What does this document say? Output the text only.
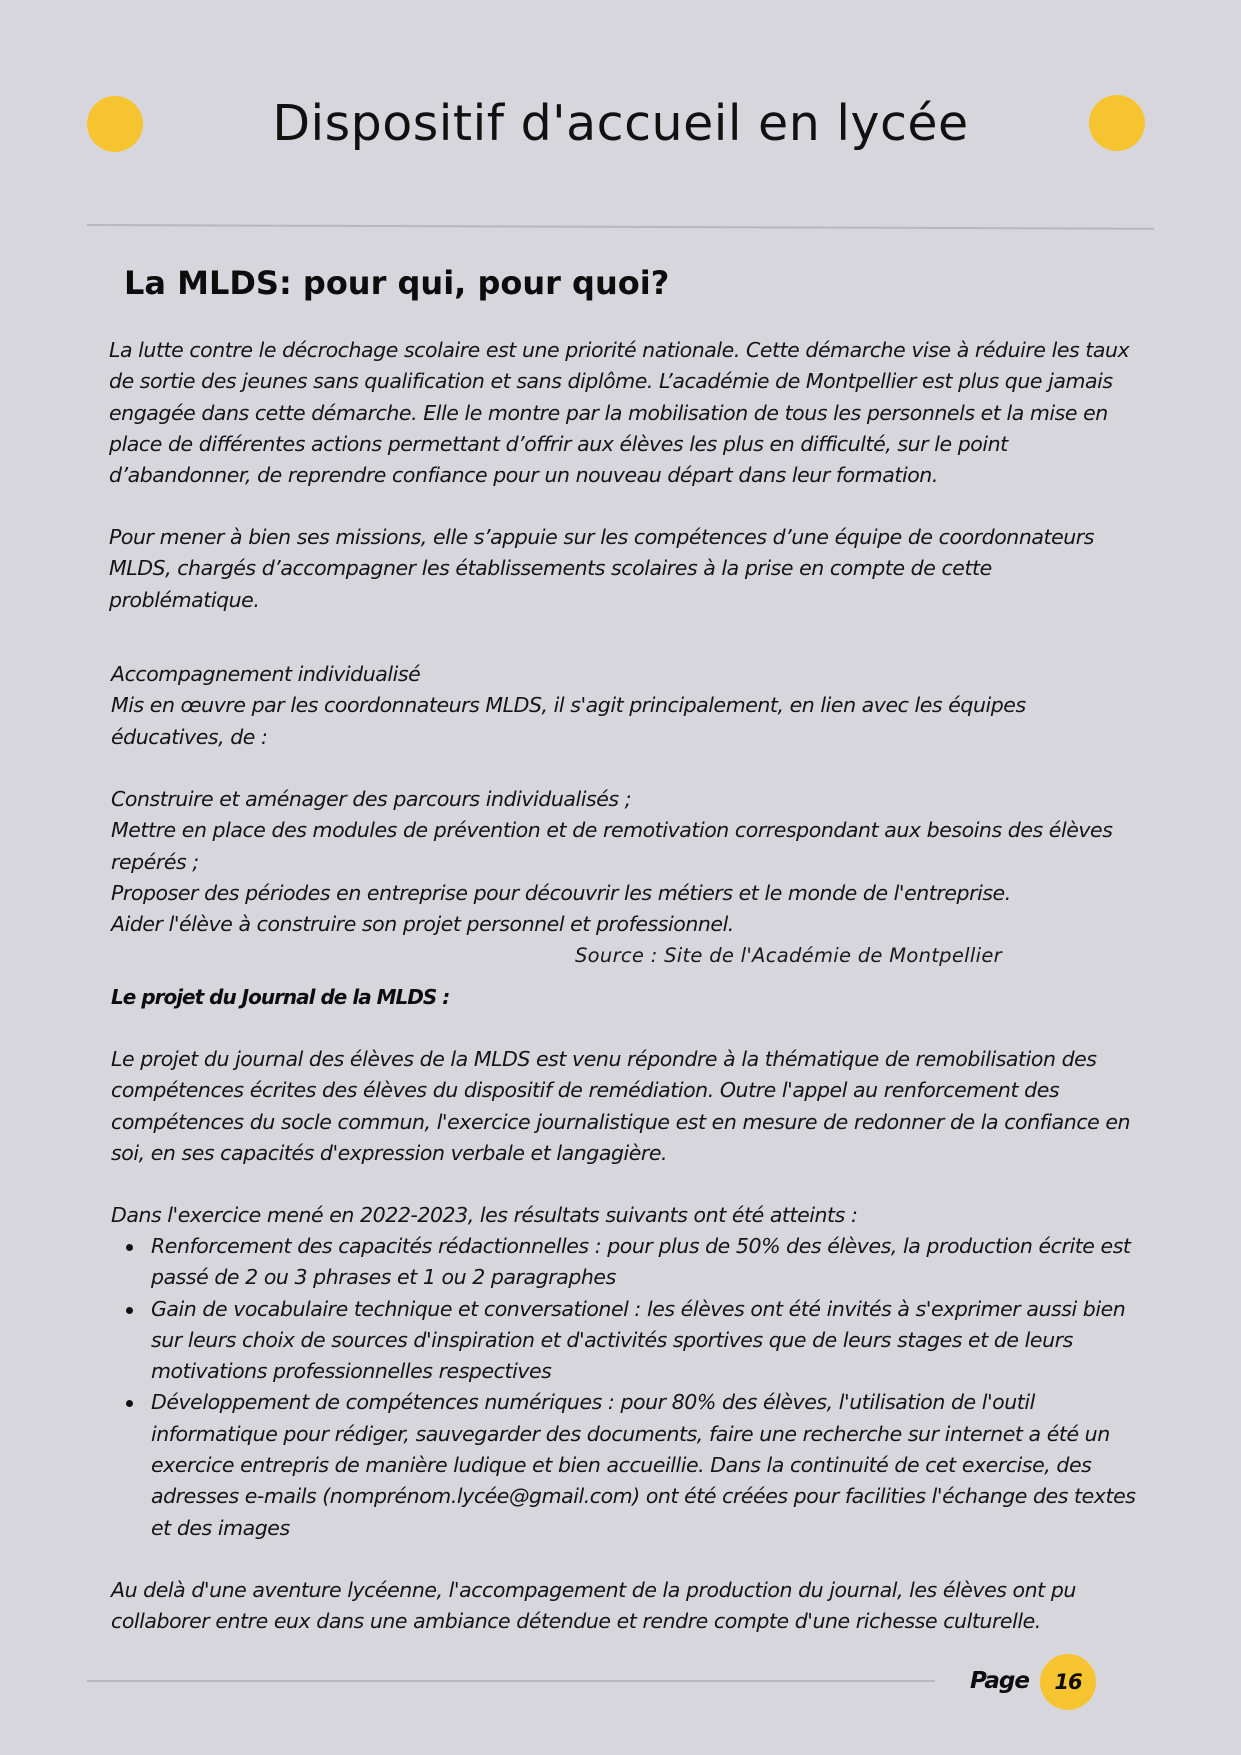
Dispositif d'accueil en lycée
La MLDS: pour qui, pour quoi?

La lutte contre le décrochage scolaire est une priorité nationale. Cette démarche vise à réduire les taux de sortie des jeunes sans qualification et sans diplôme. L’académie de Montpellier est plus que jamais engagée dans cette démarche. Elle le montre par la mobilisation de tous les personnels et la mise en place de différentes actions permettant d’offrir aux élèves les plus en difficulté, sur le point d’abandonner, de reprendre confiance pour un nouveau départ dans leur formation.

Pour mener à bien ses missions, elle s’appuie sur les compétences d’une équipe de coordonnateurs MLDS, chargés d’accompagner les établissements scolaires à la prise en compte de cette problématique.

Accompagnement individualisé
Mis en œuvre par les coordonnateurs MLDS, il s'agit principalement, en lien avec les équipes éducatives, de :
Construire et aménager des parcours individualisés ;
Mettre en place des modules de prévention et de remotivation correspondant aux besoins des élèves repérés ;
Proposer des périodes en entreprise pour découvrir les métiers et le monde de l'entreprise.
Aider l'élève à construire son projet personnel et professionnel.
Source : Site de l'Académie de Montpellier
Le projet du Journal de la MLDS :

Le projet du journal des élèves de la MLDS est venu répondre à la thématique de remobilisation des compétences écrites des élèves du dispositif de remédiation. Outre l'appel au renforcement des compétences du socle commun, l'exercice journalistique est en mesure de redonner de la confiance en soi, en ses capacités d'expression verbale et langagière.

Dans l'exercice mené en 2022-2023, les résultats suivants ont été atteints :

Renforcement des capacités rédactionnelles : pour plus de 50% des élèves, la production écrite est passé de 2 ou 3 phrases et 1 ou 2 paragraphes
Gain de vocabulaire technique et conversationel : les élèves ont été invités à s'exprimer aussi bien sur leurs choix de sources d'inspiration et d'activités sportives que de leurs stages et de leurs motivations professionnelles respectives
Développement de compétences numériques : pour 80% des élèves, l'utilisation de l'outil informatique pour rédiger, sauvegarder des documents, faire une recherche sur internet a été un exercice entrepris de manière ludique et bien accueillie. Dans la continuité de cet exercise, des adresses e-mails (nomprénom.lycée@gmail.com) ont été créées pour facilities l'échange des textes et des images

Au delà d'une aventure lycéenne, l'accompagement de la production du journal, les élèves ont pu collaborer entre eux dans une ambiance détendue et rendre compte d'une richesse culturelle.

Page 16
